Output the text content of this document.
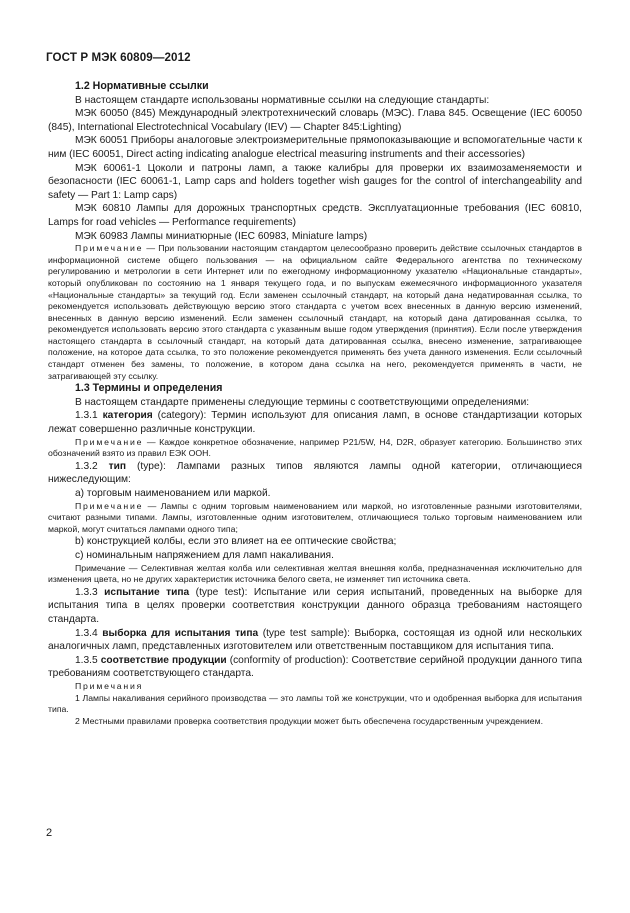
ГОСТ Р МЭК 60809—2012

1.2 Нормативные ссылки

В настоящем стандарте использованы нормативные ссылки на следующие стандарты:

МЭК 60050 (845) Международный электротехнический словарь (МЭС). Глава 845. Освещение (IEC 60050 (845), International Electrotechnical Vocabulary (IEV) — Chapter 845:Lighting)

МЭК 60051 Приборы аналоговые электроизмерительные прямопоказывающие и вспомогательные части к ним (IEC 60051, Direct acting indicating analogue electrical measuring instruments and their accessories)

МЭК 60061-1 Цоколи и патроны ламп, а также калибры для проверки их взаимозаменяемости и безопасности (IEC 60061-1, Lamp caps and holders together wish gauges for the control of interchangeability and safety — Part 1: Lamp caps)

МЭК 60810 Лампы для дорожных транспортных средств. Эксплуатационные требования (IEC 60810, Lamps for road vehicles — Performance requirements)

МЭК 60983 Лампы миниатюрные (IEC 60983, Miniature lamps)

Примечание — При пользовании настоящим стандартом целесообразно проверить действие ссылочных стандартов в информационной системе общего пользования — на официальном сайте Федерального агентства по техническому регулированию и метрологии в сети Интернет или по ежегодному информационному указателю «Национальные стандарты», который опубликован по состоянию на 1 января текущего года, и по выпускам ежемесячного информационного указателя «Национальные стандарты» за текущий год. Если заменен ссылочный стандарт, на который дана недатированная ссылка, то рекомендуется использовать действующую версию этого стандарта с учетом всех внесенных в данную версию изменений, внесенных в данную версию изменений. Если заменен ссылочный стандарт, на который дана датированная ссылка, то рекомендуется использовать версию этого стандарта с указанным выше годом утверждения (принятия). Если после утверждения настоящего стандарта в ссылочный стандарт, на который дата датированная ссылка, внесено изменение, затрагивающее положение, на которое дата ссылка, то это положение рекомендуется применять без учета данного изменения. Если ссылочный стандарт отменен без замены, то положение, в котором дана ссылка на него, рекомендуется применять в части, не затрагивающей эту ссылку.

1.3 Термины и определения

В настоящем стандарте применены следующие термины с соответствующими определениями:

1.3.1 категория (category): Термин используют для описания ламп, в основе стандартизации которых лежат совершенно различные конструкции.

Примечание — Каждое конкретное обозначение, например P21/5W, H4, D2R, образует категорию. Большинство этих обозначений взято из правил ЕЭК ООН.

1.3.2 тип (type): Лампами разных типов являются лампы одной категории, отличающиеся нижеследующим:

а) торговым наименованием или маркой.

Примечание — Лампы с одним торговым наименованием или маркой, но изготовленные разными изготовителями, считают разными типами. Лампы, изготовленные одним изготовителем, отличающиеся только торговым наименованием или маркой, могут считаться лампами одного типа;

b) конструкцией колбы, если это влияет на ее оптические свойства;

с) номинальным напряжением для ламп накаливания.

Примечание — Селективная желтая колба или селективная желтая внешняя колба, предназначенная исключительно для изменения цвета, но не других характеристик источника белого света, не изменяет тип источника света.

1.3.3 испытание типа (type test): Испытание или серия испытаний, проведенных на выборке для испытания типа в целях проверки соответствия конструкции данного образца требованиям настоящего стандарта.

1.3.4 выборка для испытания типа (type test sample): Выборка, состоящая из одной или нескольких аналогичных ламп, представленных изготовителем или ответственным поставщиком для испытания типа.

1.3.5 соответствие продукции (conformity of production): Соответствие серийной продукции данного типа требованиям соответствующего стандарта.

Примечания

1 Лампы накаливания серийного производства — это лампы той же конструкции, что и одобренная выборка для испытания типа.

2 Местными правилами проверка соответствия продукции может быть обеспечена государственным учреждением.

2
